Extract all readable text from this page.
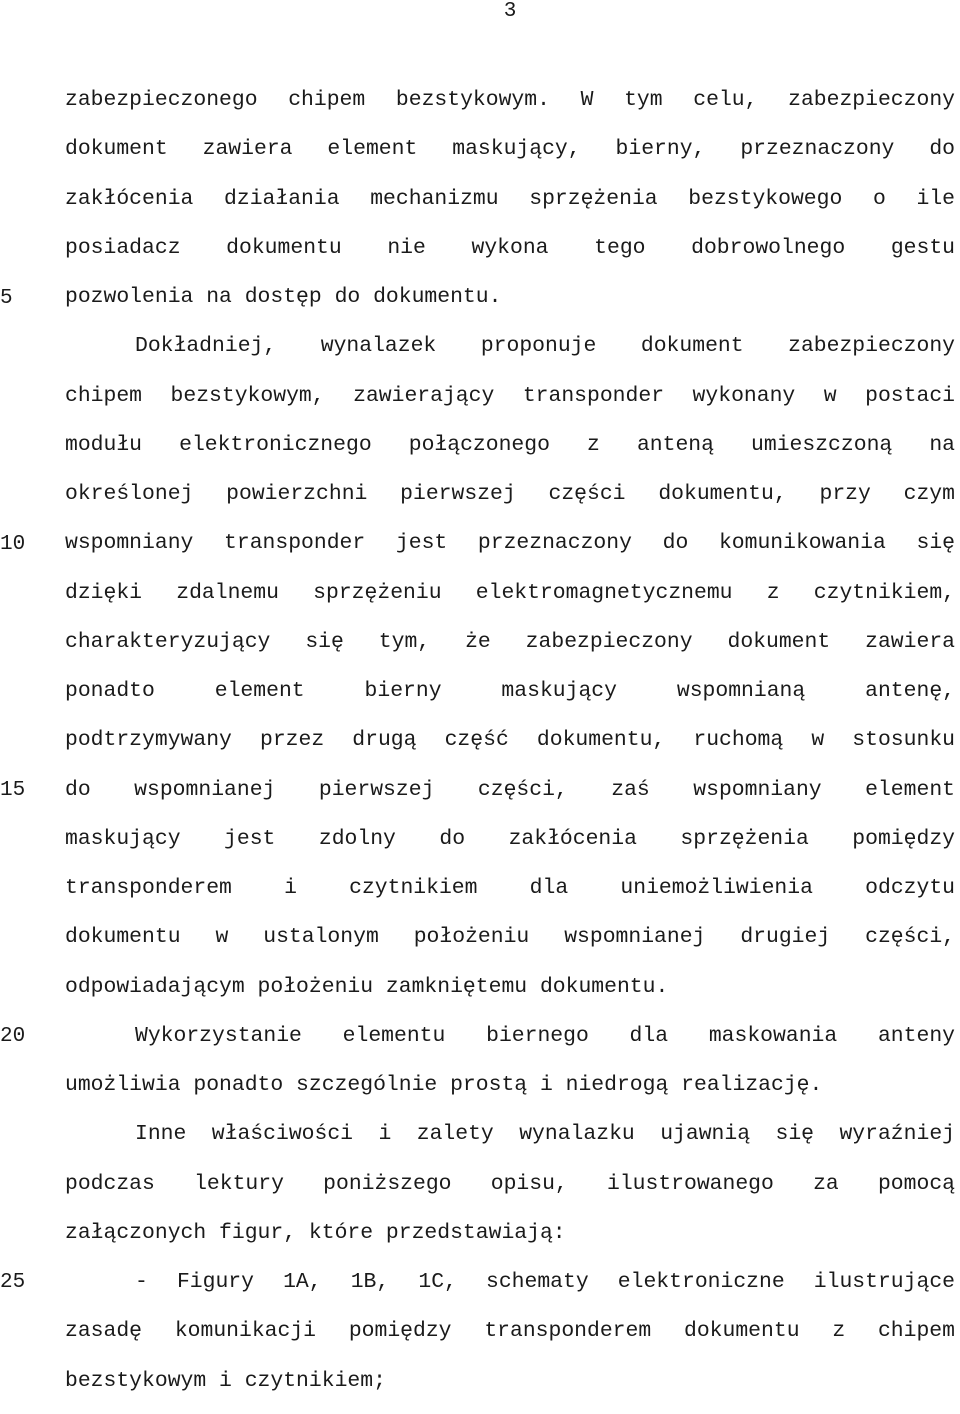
3
5
10
15
20
25
zabezpieczonego chipem bezstykowym. W tym celu, zabezpieczony
dokument zawiera element maskujący, bierny, przeznaczony do
zakłócenia działania mechanizmu sprzężenia bezstykowego o ile
posiadacz dokumentu nie wykona tego dobrowolnego gestu
pozwolenia na dostęp do dokumentu.
Dokładniej, wynalazek proponuje dokument zabezpieczony
chipem bezstykowym, zawierający transponder wykonany w postaci
modułu elektronicznego połączonego z anteną umieszczoną na
określonej powierzchni pierwszej części dokumentu, przy czym
wspomniany transponder jest przeznaczony do komunikowania się
dzięki zdalnemu sprzężeniu elektromagnetycznemu z czytnikiem,
charakteryzujący się tym, że zabezpieczony dokument zawiera
ponadto element bierny maskujący wspomnianą antenę,
podtrzymywany przez drugą część dokumentu, ruchomą w stosunku
do wspomnianej pierwszej części, zaś wspomniany element
maskujący jest zdolny do zakłócenia sprzężenia pomiędzy
transponderem i czytnikiem dla uniemożliwienia odczytu
dokumentu w ustalonym położeniu wspomnianej drugiej części,
odpowiadającym położeniu zamkniętemu dokumentu.
Wykorzystanie elementu biernego dla maskowania anteny
umożliwia ponadto szczególnie prostą i niedrogą realizację.
Inne właściwości i zalety wynalazku ujawnią się wyraźniej
podczas lektury poniższego opisu, ilustrowanego za pomocą
załączonych figur, które przedstawiają:
- Figury 1A, 1B, 1C, schematy elektroniczne ilustrujące
zasadę komunikacji pomiędzy transponderem dokumentu z chipem
bezstykowym i czytnikiem;
